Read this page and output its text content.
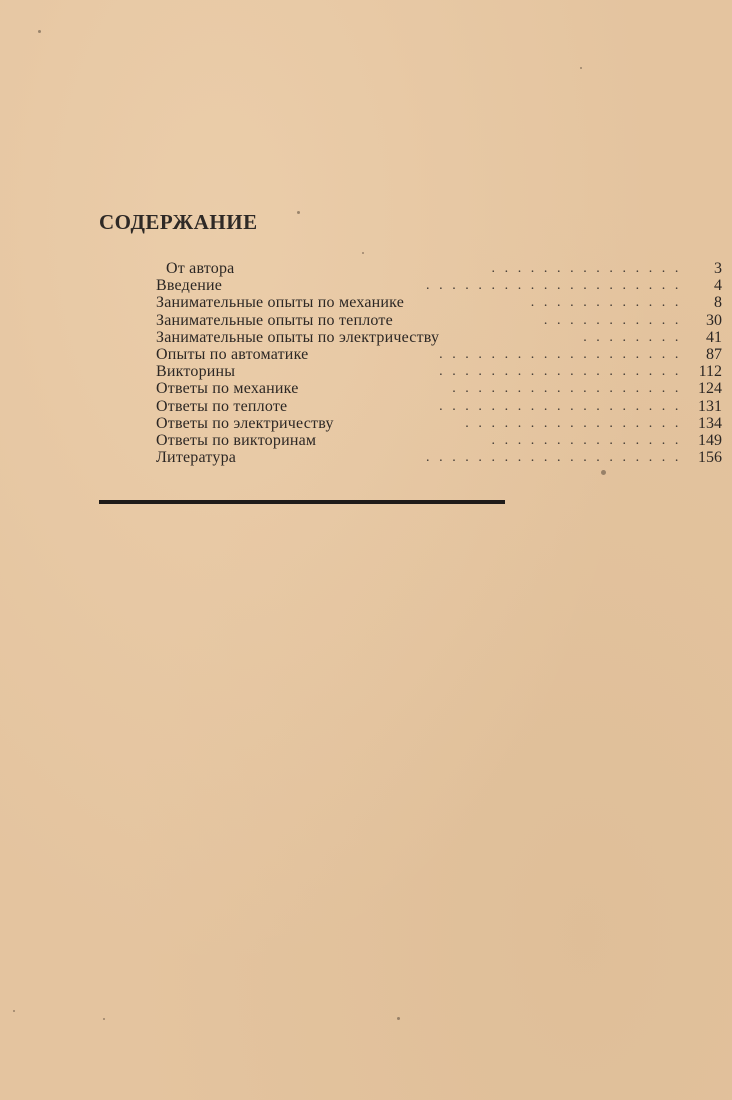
СОДЕРЖАНИЕ
От автора	...............	3
Введение	....................	4
Занимательные опыты по механике	............	8
Занимательные опыты по теплоте	...........	30
Занимательные опыты по электричеству	........	41
Опыты по автоматике	...................	87
Викторины	................... 112
Ответы по механике	.................. 124
Ответы по теплоте	................... 131
Ответы по электричеству	................. 134
Ответы по викторинам	............... 149
Литература	.................... 156
